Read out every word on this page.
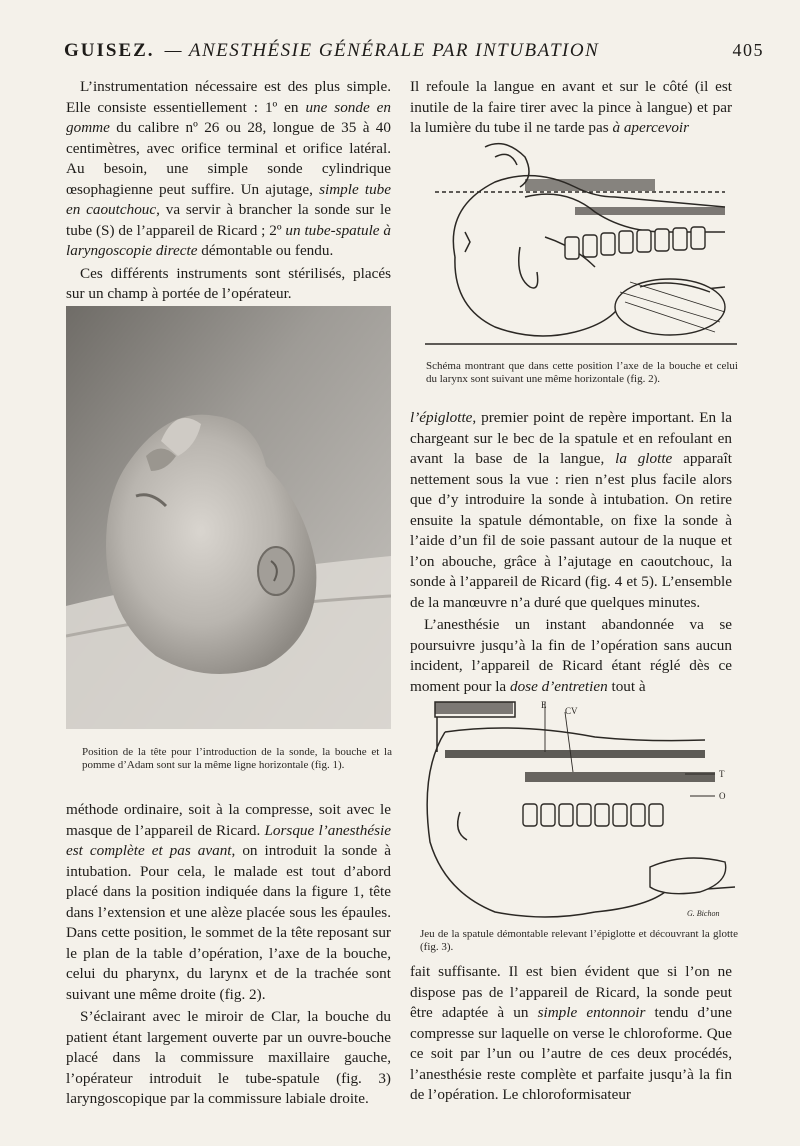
GUISEZ. — ANESTHÉSIE GÉNÉRALE PAR INTUBATION	405

L’instrumentation nécessaire est des plus simple. Elle consiste essentiellement : 1º en une sonde en gomme du calibre nº 26 ou 28, longue de 35 à 40 centimètres, avec orifice terminal et orifice latéral. Au besoin, une simple sonde cylindrique œsophagienne peut suffire. Un ajutage, simple tube en caoutchouc, va servir à brancher la sonde sur le tube (S) de l’appareil de Ricard ; 2º un tube-spatule à laryngoscopie directe démontable ou fendu.

Ces différents instruments sont stérilisés, placés sur un champ à portée de l’opérateur.

Position de la tête pour l’introduction de la sonde, la bouche et la pomme d’Adam sont sur la même ligne horizontale (fig. 1).

méthode ordinaire, soit à la compresse, soit avec le masque de l’appareil de Ricard. Lorsque l’anesthésie est complète et pas avant, on introduit la sonde à intubation. Pour cela, le malade est tout d’abord placé dans la position indiquée dans la figure 1, tête dans l’extension et une alèze placée sous les épaules. Dans cette position, le sommet de la tête reposant sur le plan de la table d’opération, l’axe de la bouche, celui du pharynx, du larynx et de la trachée sont suivant une même droite (fig. 2).

S’éclairant avec le miroir de Clar, la bouche du patient étant largement ouverte par un ouvre-bouche placé dans la commissure maxillaire gauche, l’opérateur introduit le tube-spatule (fig. 3) laryngoscopique par la commissure labiale droite.

Il refoule la langue en avant et sur le côté (il est inutile de la faire tirer avec la pince à langue) et par la lumière du tube il ne tarde pas à apercevoir

Schéma montrant que dans cette position l’axe de la bouche et celui du larynx sont suivant une même horizontale (fig. 2).

l’épiglotte, premier point de repère important. En la chargeant sur le bec de la spatule et en refoulant en avant la base de la langue, la glotte apparaît nettement sous la vue : rien n’est plus facile alors que d’y introduire la sonde à intubation. On retire ensuite la spatule démontable, on fixe la sonde à l’aide d’un fil de soie passant autour de la nuque et l’on abouche, grâce à l’ajutage en caoutchouc, la sonde à l’appareil de Ricard (fig. 4 et 5). L’ensemble de la manœuvre n’a duré que quelques minutes.

L’anesthésie un instant abandonnée va se poursuivre jusqu’à la fin de l’opération sans aucun incident, l’appareil de Ricard étant réglé dès ce moment pour la dose d’entretien tout à

E
CV
T
O
G. Bichon
Jeu de la spatule démontable relevant l’épiglotte et découvrant la glotte (fig. 3).

fait suffisante. Il est bien évident que si l’on ne dispose pas de l’appareil de Ricard, la sonde peut être adaptée à un simple entonnoir tendu d’une compresse sur laquelle on verse le chloroforme. Que ce soit par l’un ou l’autre de ces deux procédés, l’anesthésie reste complète et parfaite jusqu’à la fin de l’opération. Le chloroformisateur
